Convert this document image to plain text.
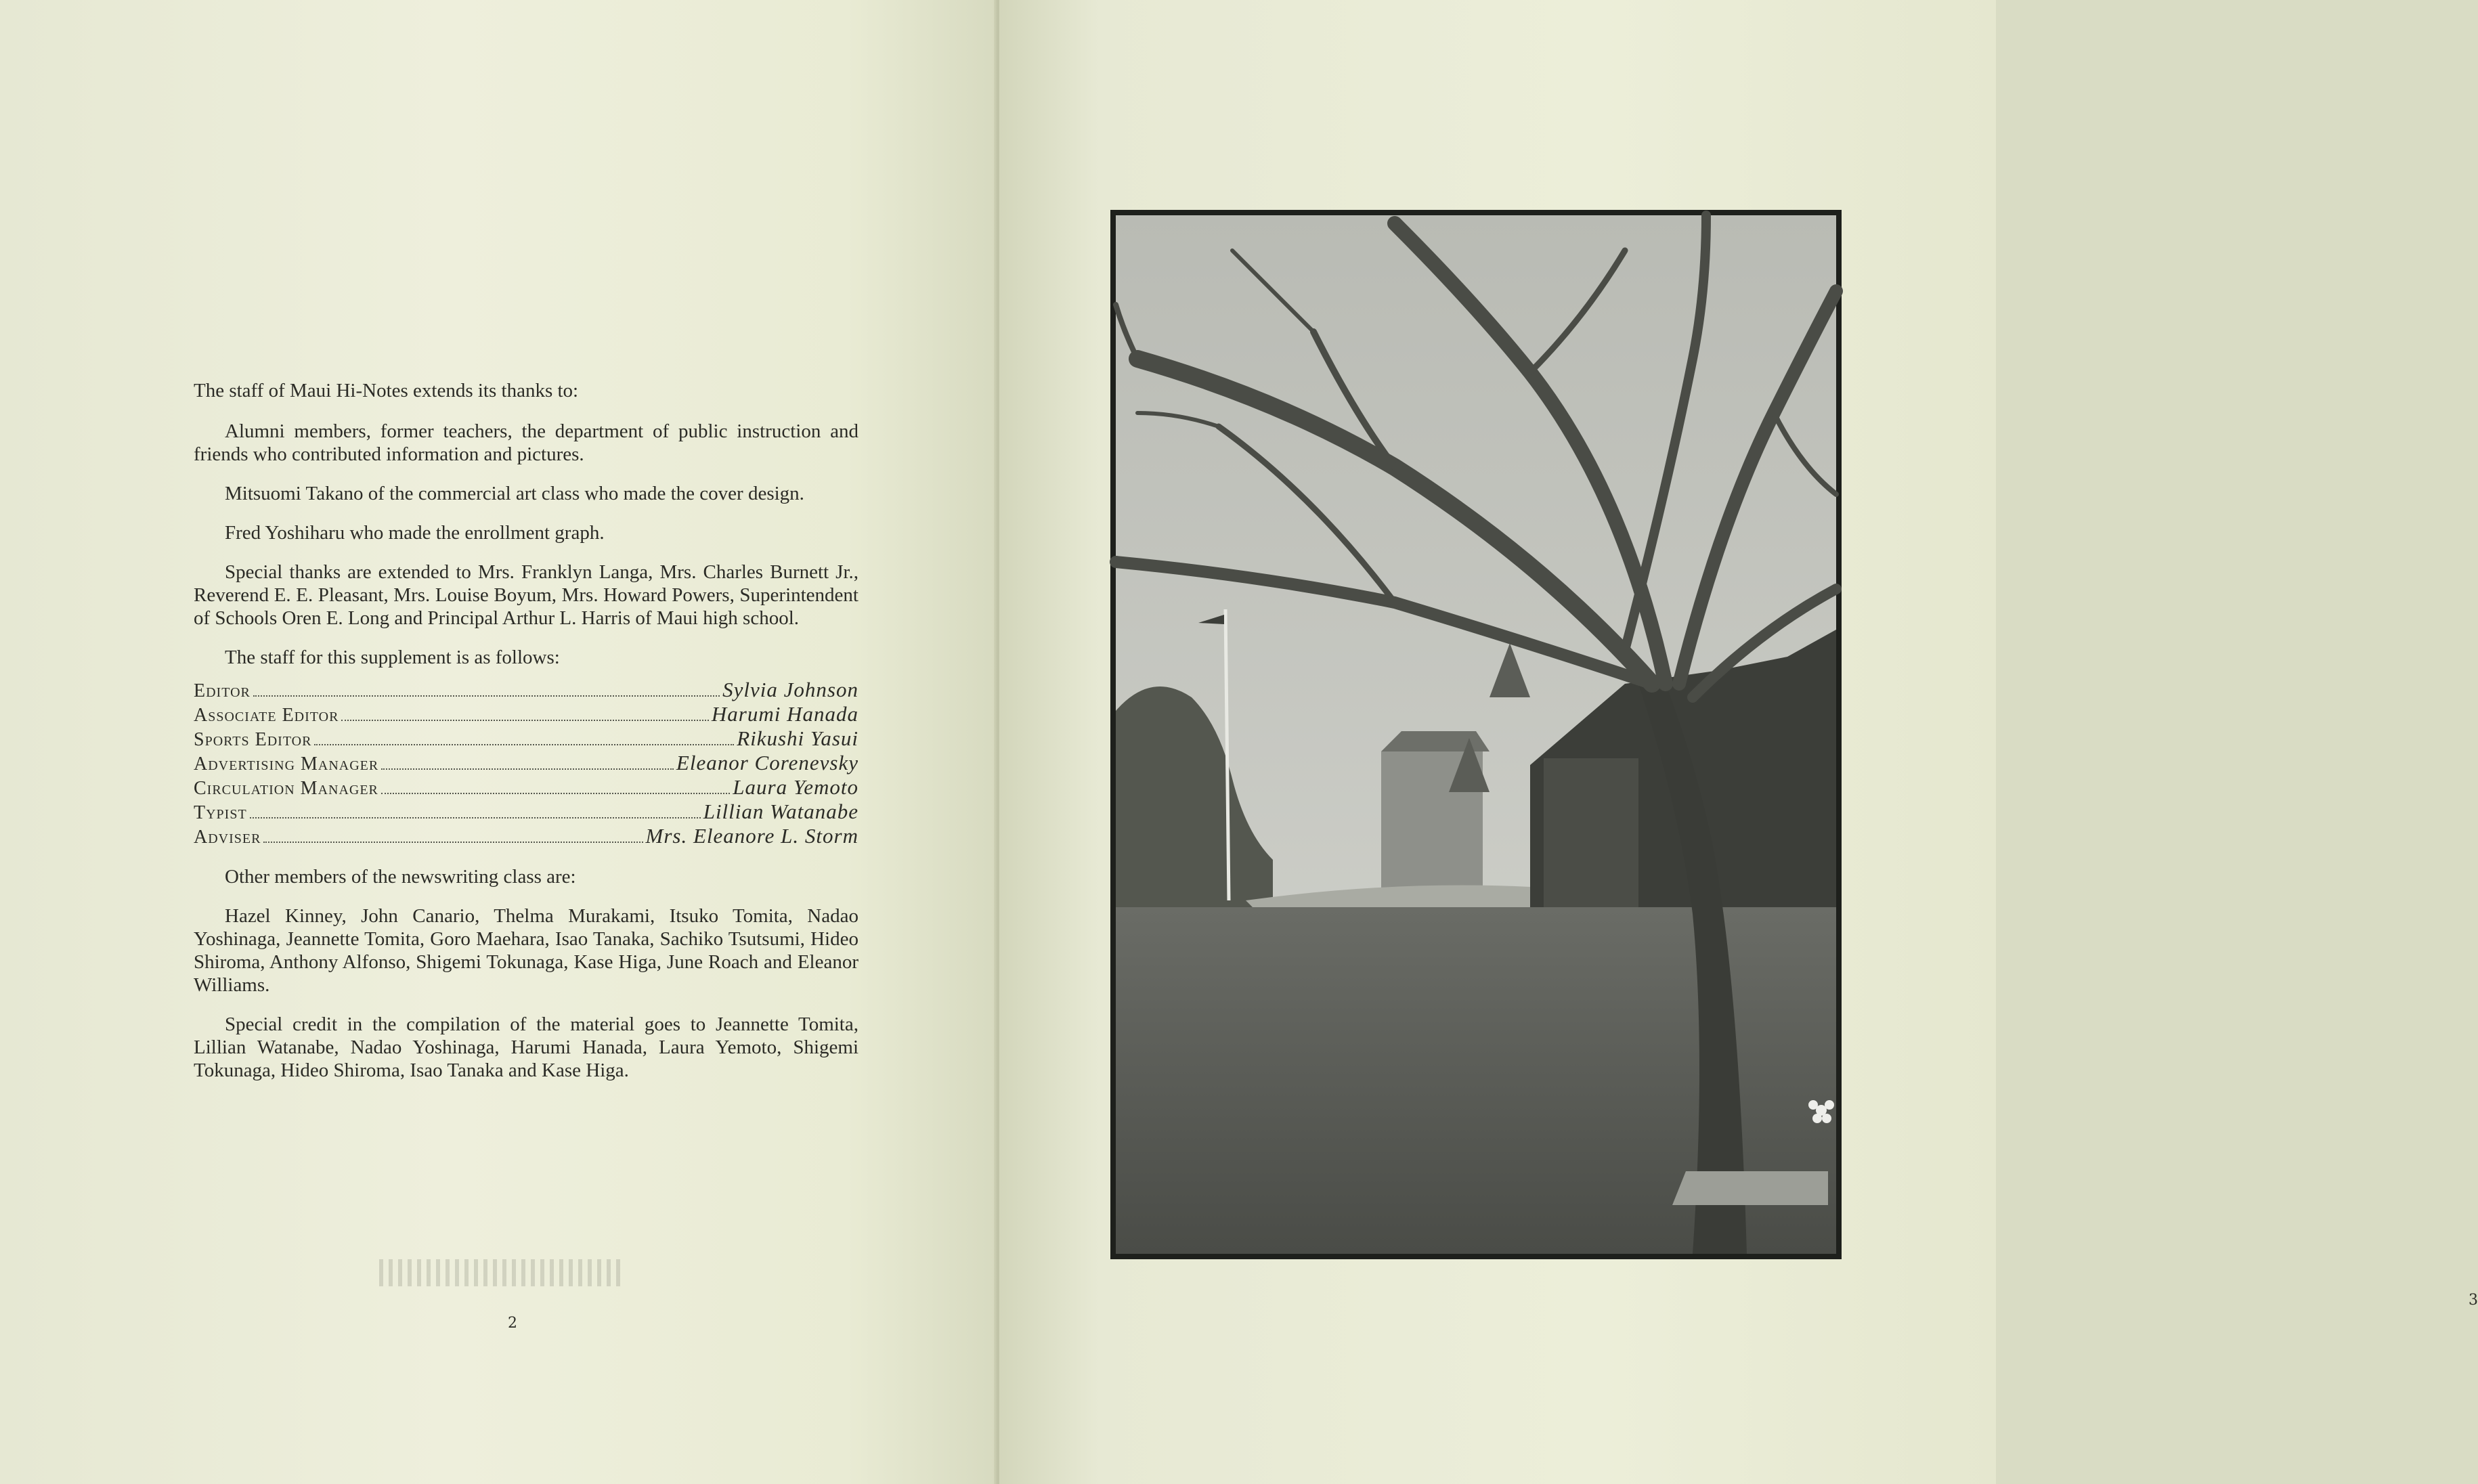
The staff of Maui Hi-Notes extends its thanks to:

Alumni members, former teachers, the department of public instruction and friends who contributed information and pictures.

Mitsuomi Takano of the commercial art class who made the cover design.

Fred Yoshiharu who made the enrollment graph.

Special thanks are extended to Mrs. Franklyn Langa, Mrs. Charles Burnett Jr., Reverend E. E. Pleasant, Mrs. Louise Boyum, Mrs. Howard Powers, Superintendent of Schools Oren E. Long and Principal Arthur L. Harris of Maui high school.

The staff for this supplement is as follows:

Editor	Sylvia Johnson
Associate Editor	Harumi Hanada
Sports Editor	Rikushi Yasui
Advertising Manager	Eleanor Corenevsky
Circulation Manager	Laura Yemoto
Typist	Lillian Watanabe
Adviser	Mrs. Eleanore L. Storm

Other members of the newswriting class are:

Hazel Kinney, John Canario, Thelma Murakami, Itsuko Tomita, Nadao Yoshinaga, Jeannette Tomita, Goro Maehara, Isao Tanaka, Sachiko Tsutsumi, Hideo Shiroma, Anthony Alfonso, Shigemi Tokunaga, Kase Higa, June Roach and Eleanor Williams.

Special credit in the compilation of the material goes to Jeannette Tomita, Lillian Watanabe, Nadao Yoshinaga, Harumi Hanada, Laura Yemoto, Shigemi Tokunaga, Hideo Shiroma, Isao Tanaka and Kase Higa.

2
3
